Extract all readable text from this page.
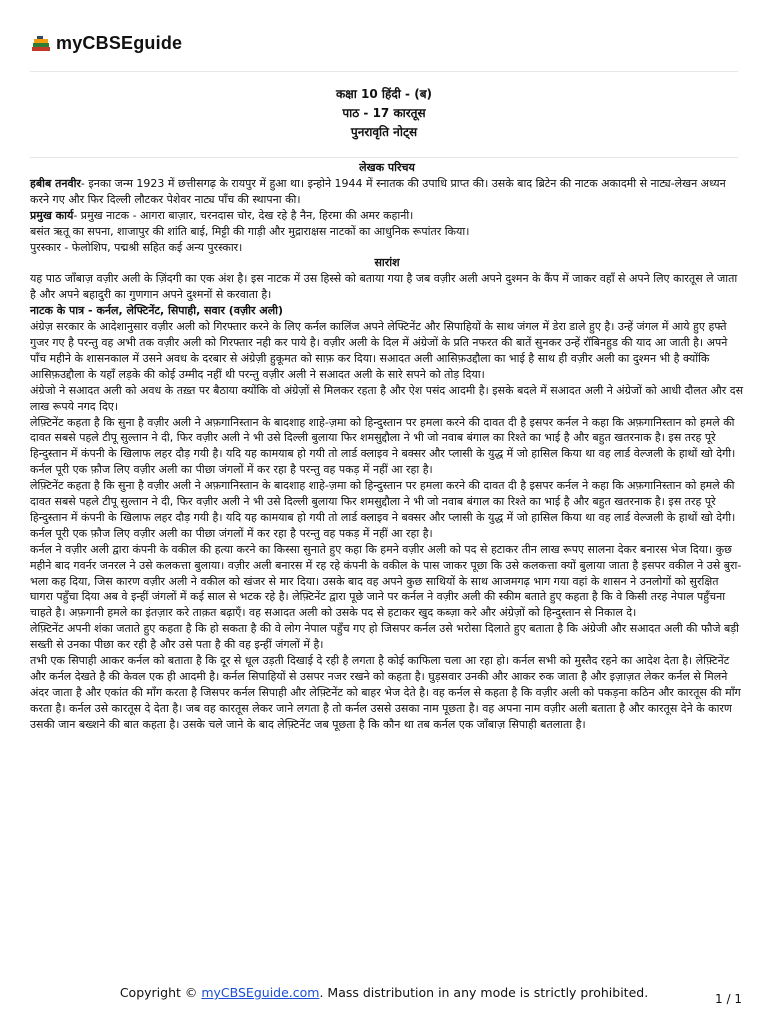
myCBSEguide
कक्षा 10 हिंदी - (ब)
पाठ - 17 कारतूस
पुनरावृति नोट्स
लेखक परिचय

हबीब तनवीर- इनका जन्म 1923 में छत्तीसगढ़ के रायपुर में हुआ था। इन्होने 1944 में स्नातक की उपाधि प्राप्त की। उसके बाद ब्रिटेन की नाटक अकादमी से नाट्य-लेखन अध्यन करने गए और फिर दिल्ली लौटकर पेशेवर नाट्य पाँच की स्थापना की।

प्रमुख कार्य- प्रमुख नाटक - आगरा बाज़ार, चरनदास चोर, देख रहे है नैन, हिरमा की अमर कहानी।

बसंत ऋतू का सपना, शाजापुर की शांति बाई, मिट्टी की गाड़ी और मुद्राराक्षस नाटकों का आधुनिक रूपांतर किया।

पुरस्कार - फेलोशिप, पद्मश्री सहित कई अन्य पुरस्कार।

सारांश

यह पाठ जाँबाज़ वज़ीर अली के ज़िंदगी का एक अंश है। इस नाटक में उस हिस्से को बताया गया है जब वज़ीर अली अपने दुश्मन के कैंप में जाकर वहाँ से अपने लिए कारतूस ले जाता है और अपने बहादुरी का गुणगान अपने दुश्मनों से करवाता है।

नाटक के पात्र - कर्नल, लेफ्टिनेंट, सिपाही, सवार (वज़ीर अली)

अंग्रेज़ सरकार के आदेशानुसार वज़ीर अली को गिरफ्तार करने के लिए कर्नल कालिंज अपने लेफ्टिनेंट और सिपाहियों के साथ जंगल में डेरा डाले हुए है। उन्हें जंगल में आये हुए हफ्ते गुजर गए है परन्तु वह अभी तक वज़ीर अली को गिरफ्तार नही कर पाये है। वज़ीर अली के दिल में अंग्रेजों के प्रति नफरत की बातें सुनकर उन्हें रॉबिनहुड की याद आ जाती है। अपने पाँच महीने के शासनकाल में उसने अवध के दरबार से अंग्रेज़ी हुकूमत को साफ़ कर दिया। सआदत अली आसिफ़उद्दौला का भाई है साथ ही वज़ीर अली का दुश्मन भी है क्योंकि आसिफ़उद्दौला के यहाँ लड़के की कोई उम्मीद नहीं थी परन्तु वज़ीर अली ने सआदत अली के सारे सपने को तोड़ दिया।

अंग्रेजो ने सआदत अली को अवध के तख़्त पर बैठाया क्योंकि वो अंग्रेज़ों से मिलकर रहता है और ऐश पसंद आदमी है। इसके बदले में सआदत अली ने अंग्रेजों को आधी दौलत और दस लाख रूपये नगद दिए।

लेफ़्टिनेंट कहता है कि सुना है वज़ीर अली ने अफ़गानिस्तान के बादशाह शाहे-ज़मा को हिन्दुस्तान पर हमला करने की दावत दी है इसपर कर्नल ने कहा कि अफ़गानिस्तान को हमले की दावत सबसे पहले टीपू सुल्तान ने दी, फिर वज़ीर अली ने भी उसे दिल्ली बुलाया फिर शमसुद्दौला ने भी जो नवाब बंगाल का रिश्ते का भाई है और बहुत खतरनाक है। इस तरह पूरे हिन्दुस्तान में कंपनी के खिलाफ लहर दौड़ गयी है। यदि यह कामयाब हो गयी तो लार्ड क्लाइव ने बक्सर और प्लासी के युद्ध में जो हासिल किया था वह लार्ड वेल्जली के हाथों खो देगी। कर्नल पूरी एक फ़ौज लिए वज़ीर अली का पीछा जंगलों में कर रहा है परन्तु वह पकड़ में नहीं आ रहा है।

लेफ़्टिनेंट कहता है कि सुना है वज़ीर अली ने अफ़गानिस्तान के बादशाह शाहे-ज़मा को हिन्दुस्तान पर हमला करने की दावत दी है इसपर कर्नल ने कहा कि अफ़गानिस्तान को हमले की दावत सबसे पहले टीपू सुल्तान ने दी, फिर वज़ीर अली ने भी उसे दिल्ली बुलाया फिर शमसुद्दौला ने भी जो नवाब बंगाल का रिश्ते का भाई है और बहुत खतरनाक है। इस तरह पूरे हिन्दुस्तान में कंपनी के खिलाफ लहर दौड़ गयी है। यदि यह कामयाब हो गयी तो लार्ड क्लाइव ने बक्सर और प्लासी के युद्ध में जो हासिल किया था वह लार्ड वेल्जली के हाथों खो देगी। कर्नल पूरी एक फ़ौज लिए वज़ीर अली का पीछा जंगलों में कर रहा है परन्तु वह पकड़ में नहीं आ रहा है।

कर्नल ने वज़ीर अली द्वारा कंपनी के वकील की हत्या करने का किस्सा सुनाते हुए कहा कि हमने वज़ीर अली को पद से हटाकर तीन लाख रूपए सालना देकर बनारस भेज दिया। कुछ महीने बाद गवर्नर जनरल ने उसे कलकत्ता बुलाया। वज़ीर अली बनारस में रह रहे कंपनी के वकील के पास जाकर पूछा कि उसे कलकत्ता क्यों बुलाया जाता है इसपर वकील ने उसे बुरा-भला कह दिया, जिस कारण वज़ीर अली ने वकील को खंजर से मार दिया। उसके बाद वह अपने कुछ साथियों के साथ आजमगढ़ भाग गया वहां के शासन ने उनलोगों को सुरक्षित घागरा पहुँचा दिया अब वे इन्हीं जंगलों में कई साल से भटक रहे है। लेफ़्टिनेंट द्वारा पूछे जाने पर कर्नल ने वज़ीर अली की स्कीम बताते हुए कहता है कि वे किसी तरह नेपाल पहुँचना चाहते है। अफ़गानी हमले का इंतज़ार करे ताक़त बढ़ाएँ। वह सआदत अली को उसके पद से हटाकर खुद कब्ज़ा करे और अंग्रेज़ों को हिन्दुस्तान से निकाल दे।

लेफ़्टिनेंट अपनी शंका जताते हुए कहता है कि हो सकता है की वे लोग नेपाल पहुँच गए हो जिसपर कर्नल उसे भरोसा दिलाते हुए बताता है कि अंग्रेजी और सआदत अली की फौजे बड़ी सख्ती से उनका पीछा कर रही है और उसे पता है की वह इन्हीं जंगलों में है।

तभी एक सिपाही आकर कर्नल को बताता है कि दूर से धूल उड़ती दिखाई दे रही है लगता है कोई काफिला चला आ रहा हो। कर्नल सभी को मुस्तैद रहने का आदेश देता है। लेफ़्टिनेंट और कर्नल देखते है की केवल एक ही आदमी है। कर्नल सिपाहियों से उसपर नजर रखने को कहता है। घुड़सवार उनकी और आकर रुक जाता है और इज़ाज़त लेकर कर्नल से मिलने अंदर जाता है और एकांत की माँग करता है जिसपर कर्नल सिपाही और लेफ़्टिनेंट को बाहर भेज देते है। वह कर्नल से कहता है कि वज़ीर अली को पकड़ना कठिन और कारतूस की माँग करता है। कर्नल उसे कारतूस दे देता है। जब वह कारतूस लेकर जाने लगता है तो कर्नल उससे उसका नाम पूछता है। वह अपना नाम वज़ीर अली बताता है और कारतूस देने के कारण उसकी जान बख्शने की बात कहता है। उसके चले जाने के बाद लेफ़्टिनेंट जब पूछता है कि कौन था तब कर्नल एक जाँबाज़ सिपाही बतलाता है।

Copyright © myCBSEguide.com. Mass distribution in any mode is strictly prohibited.	1 / 1
